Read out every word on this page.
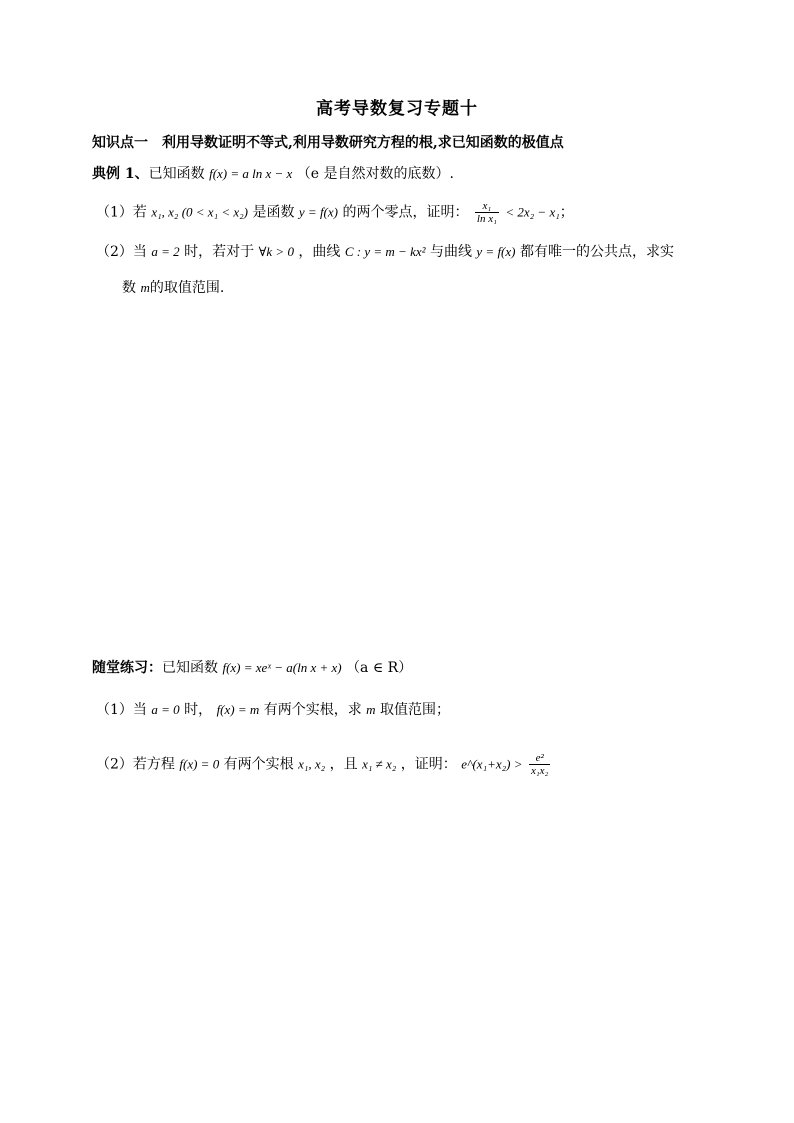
高考导数复习专题十
知识点一　利用导数证明不等式,利用导数研究方程的根,求已知函数的极值点
典例 1、已知函数 f(x) = a ln x − x （e 是自然对数的底数）.
（1）若 x₁, x₂ (0 < x₁ < x₂) 是函数 y = f(x) 的两个零点，证明： $\frac{\text{x₁}}{\text{ln x₁}} < 2x_2 - x_1$；
（2）当 a = 2 时，若对于 ∀k > 0 ，曲线 C : y = m − kx² 与曲线 y = f(x) 都有唯一的公共点，求实
数 m的取值范围.
随堂练习：已知函数 f(x) = xeˣ − a(ln x + x) （a ∈ R）
（1）当 a = 0 时， f(x) = m 有两个实根，求 m 取值范围；
（2）若方程 f(x) = 0 有两个实根 x₁, x₂ ，且 x₁ ≠ x₂ ，证明： e^(x₁+x₂) > $\frac{\text{e²}}{\text{x₁x₂}}$
